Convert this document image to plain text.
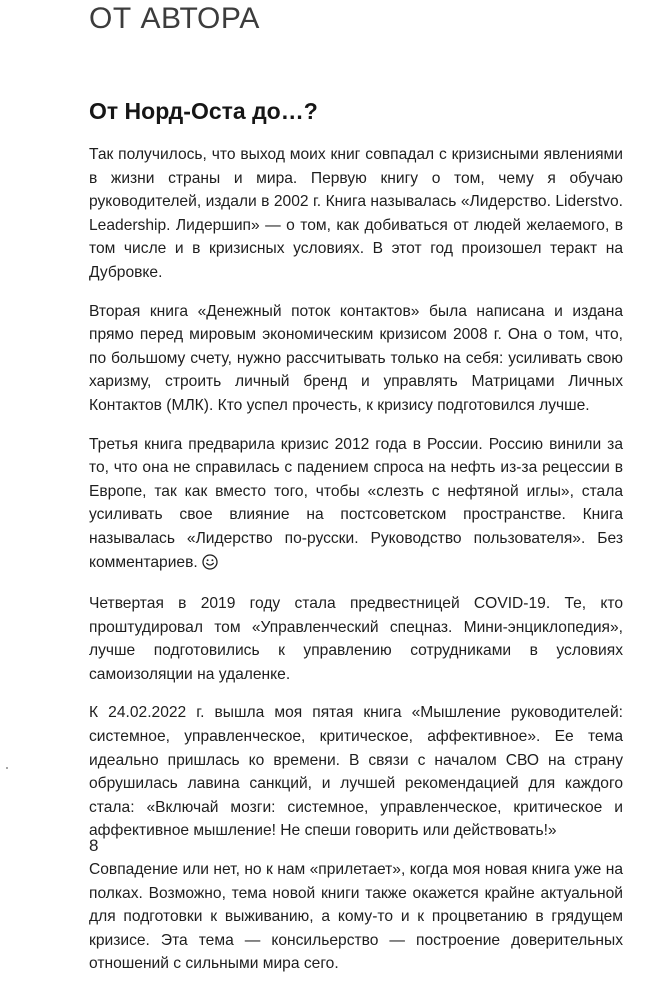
ОТ АВТОРА
От Норд-Оста до…?

Так получилось, что выход моих книг совпадал с кризисными явлениями в жизни страны и мира. Первую книгу о том, чему я обучаю руководителей, издали в 2002 г. Книга называлась «Лидерство. Liderstvo. Leadership. Лидершип» — о том, как добиваться от людей желаемого, в том числе и в кризисных условиях. В этот год произошел теракт на Дубровке.

Вторая книга «Денежный поток контактов» была написана и издана прямо перед мировым экономическим кризисом 2008 г. Она о том, что, по большому счету, нужно рассчитывать только на себя: усиливать свою харизму, строить личный бренд и управлять Матрицами Личных Контактов (МЛК). Кто успел прочесть, к кризису подготовился лучше.

Третья книга предварила кризис 2012 года в России. Россию винили за то, что она не справилась с падением спроса на нефть из-за рецессии в Европе, так как вместо того, чтобы «слезть с нефтяной иглы», стала усиливать свое влияние на постсоветском пространстве. Книга называлась «Лидерство по-русски. Руководство пользователя». Без комментариев.

Четвертая в 2019 году стала предвестницей COVID-19. Те, кто проштудировал том «Управленческий спецназ. Мини-энциклопедия», лучше подготовились к управлению сотрудниками в условиях самоизоляции на удаленке.

К 24.02.2022 г. вышла моя пятая книга «Мышление руководителей: системное, управленческое, критическое, аффективное». Ее тема идеально пришлась ко времени. В связи с началом СВО на страну обрушилась лавина санкций, и лучшей рекомендацией для каждого стала: «Включай мозги: системное, управленческое, критическое и аффективное мышление! Не спеши говорить или действовать!»

Совпадение или нет, но к нам «прилетает», когда моя новая книга уже на полках. Возможно, тема новой книги также окажется крайне актуальной для подготовки к выживанию, а кому-то и к процветанию в грядущем кризисе. Эта тема — консильерство — построение доверительных отношений с сильными мира сего.

8
